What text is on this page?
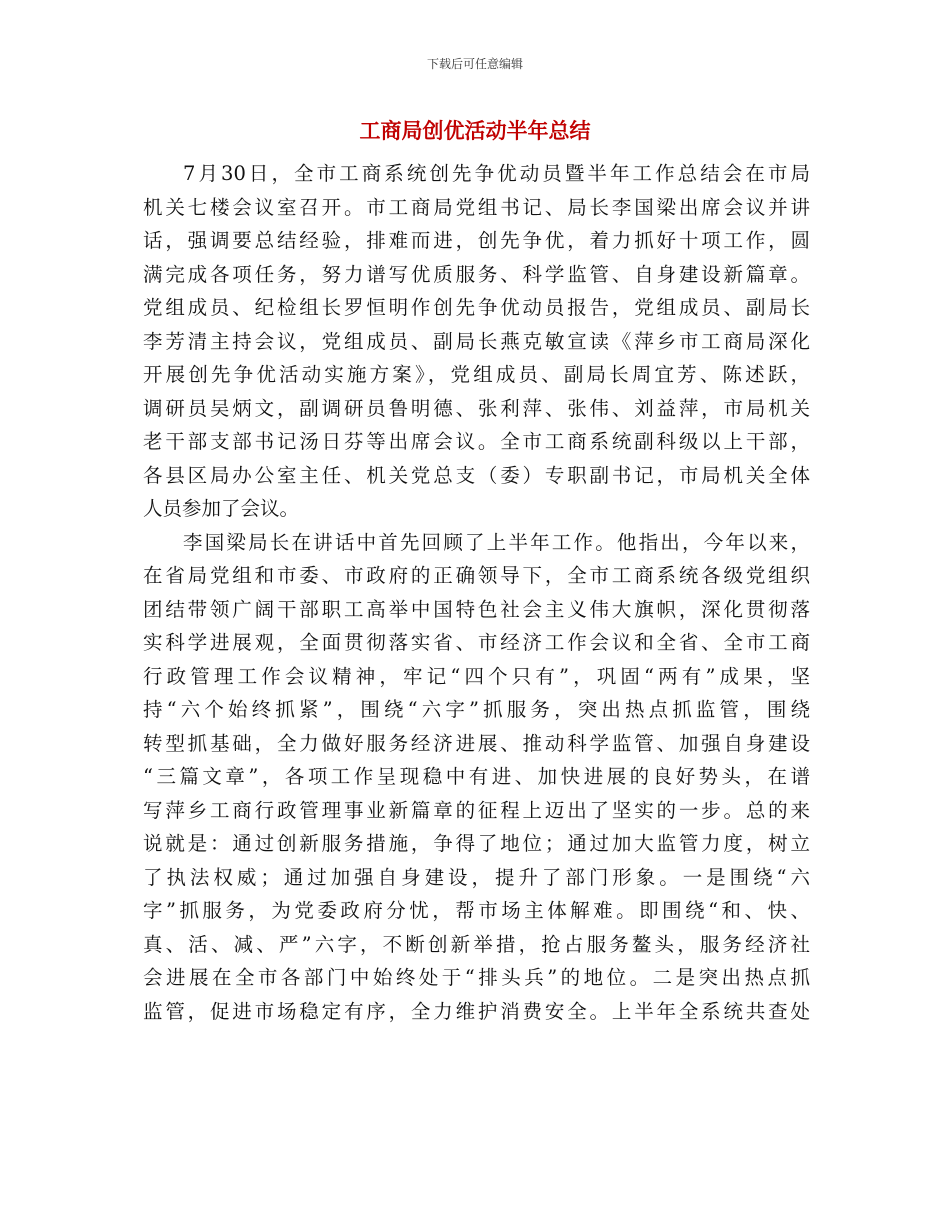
下载后可任意编辑
工商局创优活动半年总结
7月30日，全市工商系统创先争优动员暨半年工作总结会在市局
机关七楼会议室召开。市工商局党组书记、局长李国梁出席会议并讲
话，强调要总结经验，排难而进，创先争优，着力抓好十项工作，圆
满完成各项任务，努力谱写优质服务、科学监管、自身建设新篇章。
党组成员、纪检组长罗恒明作创先争优动员报告，党组成员、副局长
李芳清主持会议，党组成员、副局长燕克敏宣读《萍乡市工商局深化
开展创先争优活动实施方案》，党组成员、副局长周宜芳、陈述跃，
调研员吴炳文，副调研员鲁明德、张利萍、张伟、刘益萍，市局机关
老干部支部书记汤日芬等出席会议。全市工商系统副科级以上干部，
各县区局办公室主任、机关党总支（委）专职副书记，市局机关全体
人员参加了会议。
李国梁局长在讲话中首先回顾了上半年工作。他指出，今年以来，
在省局党组和市委、市政府的正确领导下，全市工商系统各级党组织
团结带领广阔干部职工高举中国特色社会主义伟大旗帜，深化贯彻落
实科学进展观，全面贯彻落实省、市经济工作会议和全省、全市工商
行政管理工作会议精神，牢记“四个只有”，巩固“两有”成果，坚
持“六个始终抓紧”，围绕“六字”抓服务，突出热点抓监管，围绕
转型抓基础，全力做好服务经济进展、推动科学监管、加强自身建设
“三篇文章”，各项工作呈现稳中有进、加快进展的良好势头，在谱
写萍乡工商行政管理事业新篇章的征程上迈出了坚实的一步。总的来
说就是：通过创新服务措施，争得了地位；通过加大监管力度，树立
了执法权威；通过加强自身建设，提升了部门形象。一是围绕“六
字”抓服务，为党委政府分忧，帮市场主体解难。即围绕“和、快、
真、活、减、严”六字，不断创新举措，抢占服务鳌头，服务经济社
会进展在全市各部门中始终处于“排头兵”的地位。二是突出热点抓
监管，促进市场稳定有序，全力维护消费安全。上半年全系统共查处
